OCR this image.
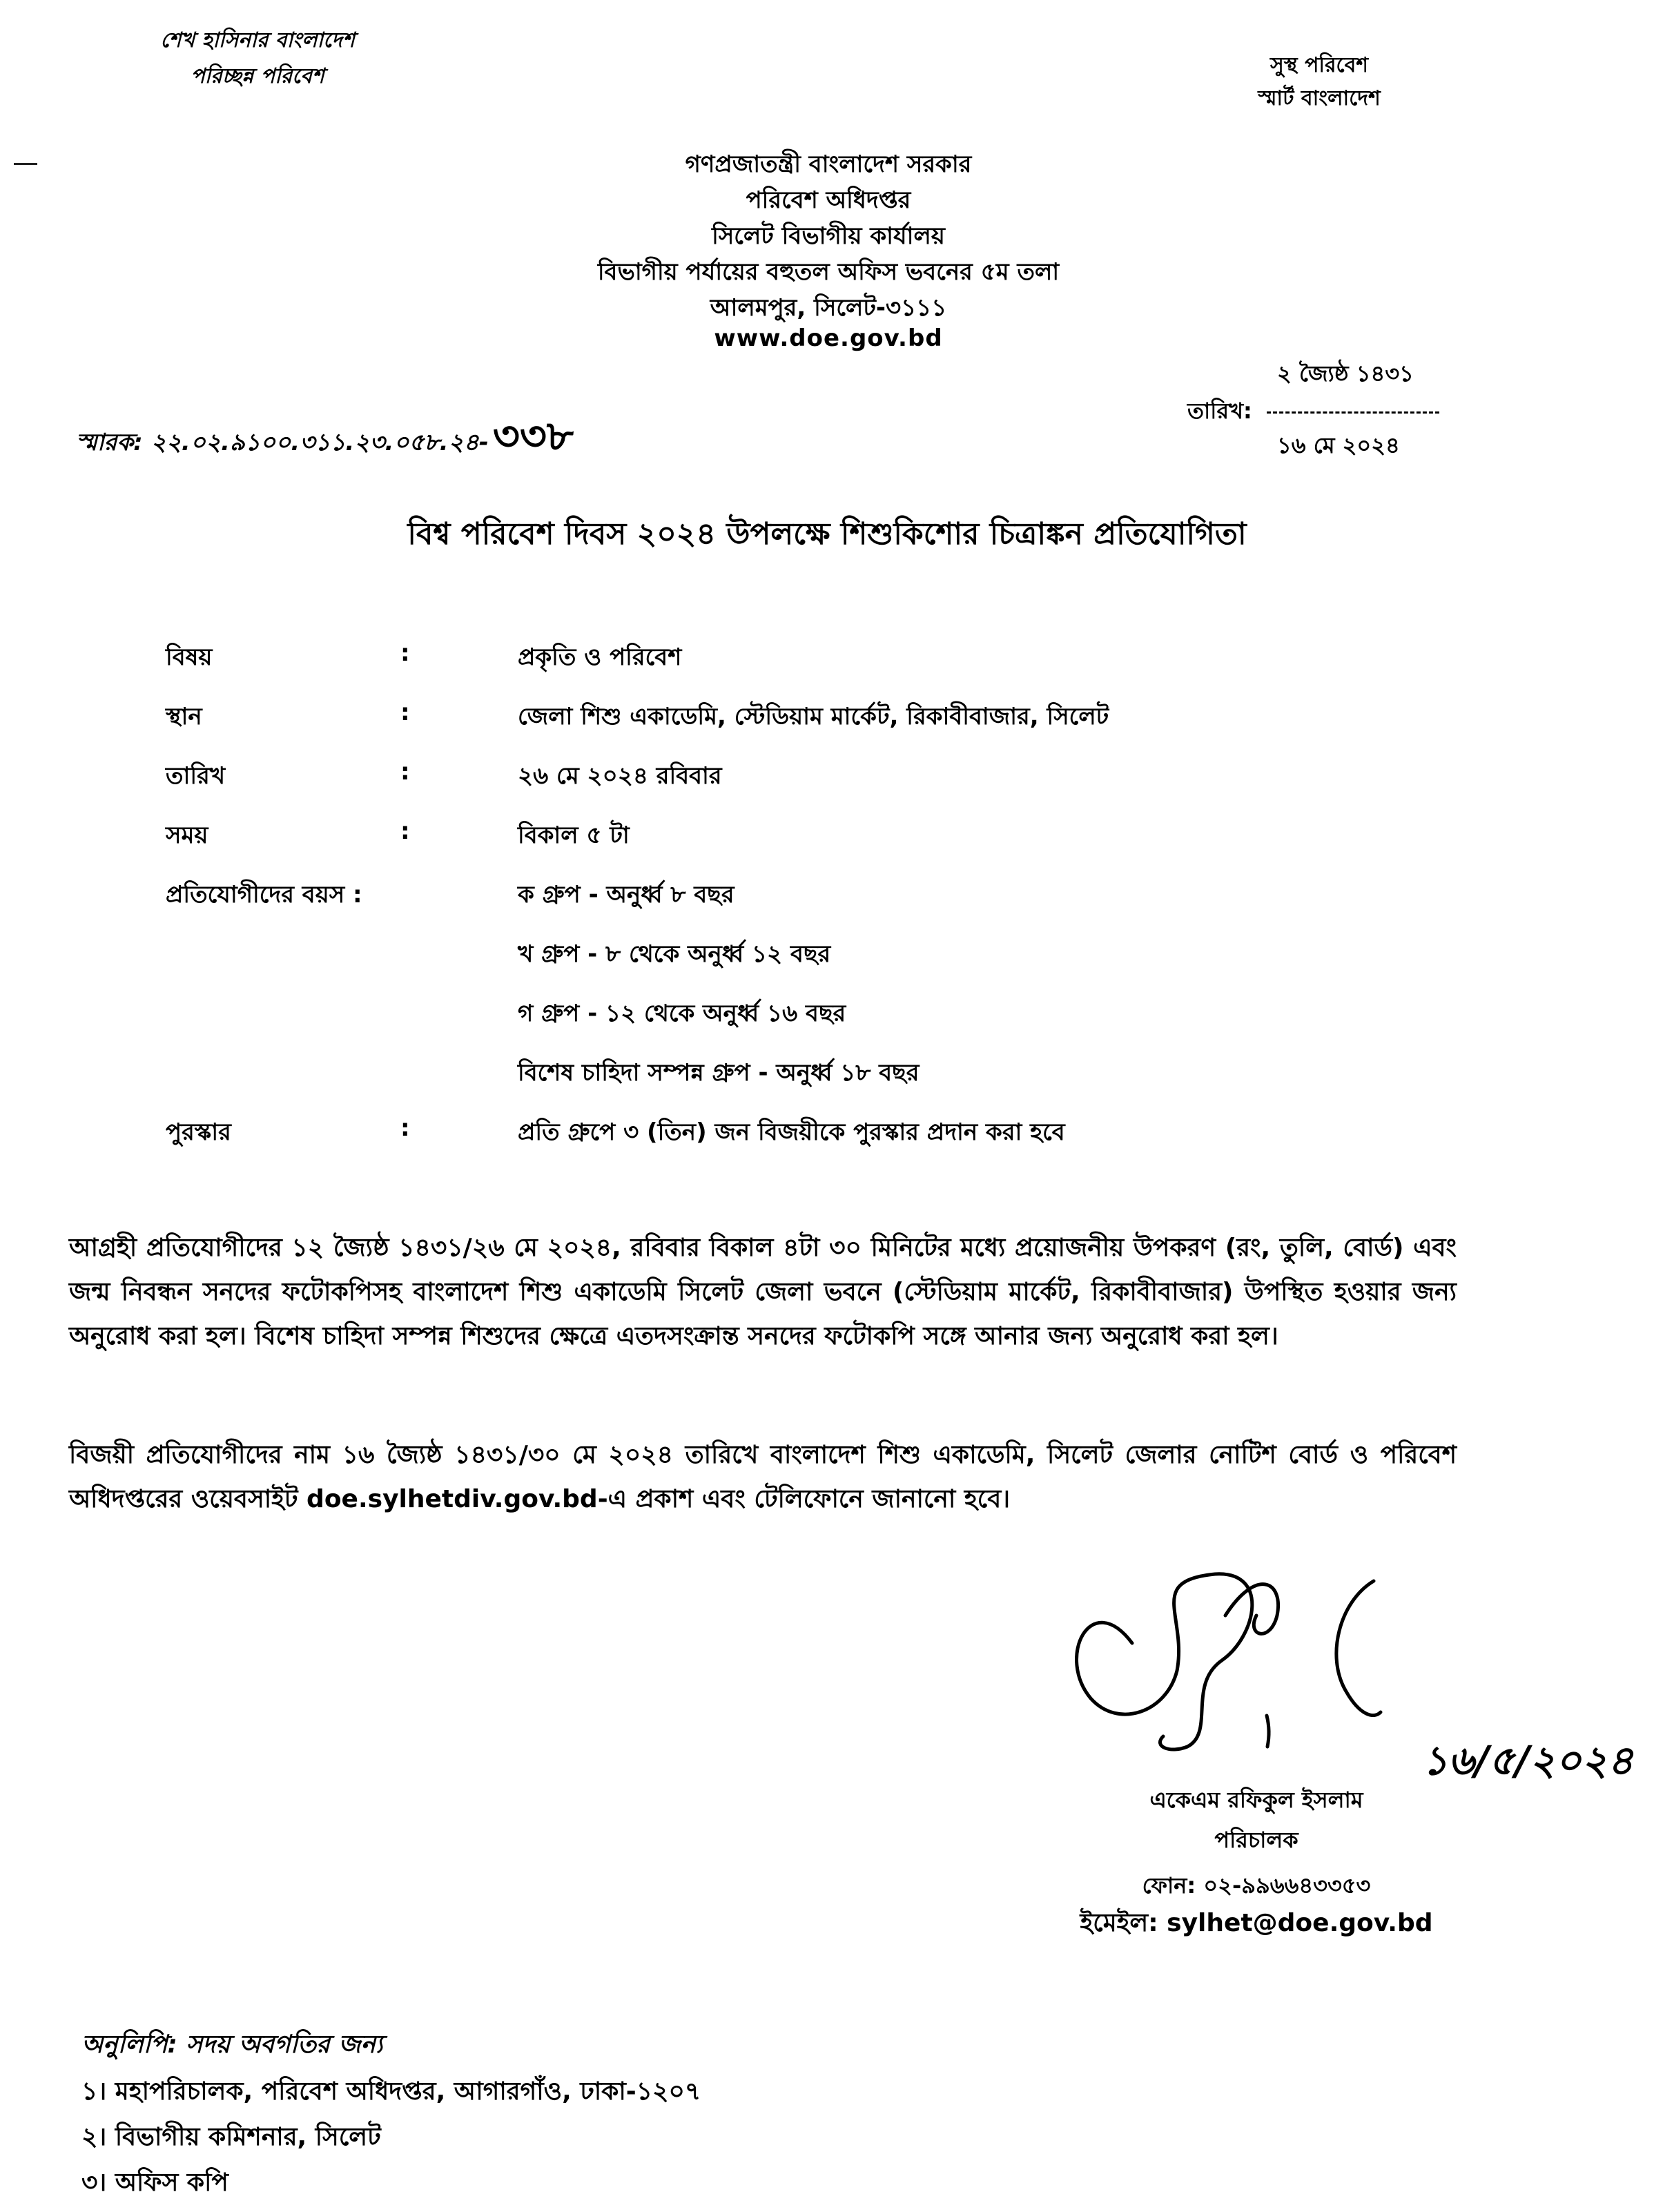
শেখ হাসিনার বাংলাদেশ
পরিচ্ছন্ন পরিবেশ	সুস্থ পরিবেশ
স্মার্ট বাংলাদেশ
গণপ্রজাতন্ত্রী বাংলাদেশ সরকার
পরিবেশ অধিদপ্তর
সিলেট বিভাগীয় কার্যালয়
বিভাগীয় পর্যায়ের বহুতল অফিস ভবনের ৫ম তলা
আলমপুর, সিলেট-৩১১১
www.doe.gov.bd
স্মারক: ২২.০২.৯১০০.৩১১.২৩.০৫৮.২৪- ৩৩৮
২ জ্যৈষ্ঠ ১৪৩১
তারিখ:
১৬ মে ২০২৪
বিশ্ব পরিবেশ দিবস ২০২৪ উপলক্ষে শিশুকিশোর চিত্রাঙ্কন প্রতিযোগিতা
বিষয়	:	প্রকৃতি ও পরিবেশ
স্থান	:	জেলা শিশু একাডেমি, স্টেডিয়াম মার্কেট, রিকাবীবাজার, সিলেট
তারিখ	:	২৬ মে ২০২৪ রবিবার
সময়	:	বিকাল ৫ টা
প্রতিযোগীদের বয়স :	ক গ্রুপ - অনুর্ধ্ব ৮ বছর
খ গ্রুপ - ৮ থেকে অনুর্ধ্ব ১২ বছর
গ গ্রুপ - ১২ থেকে অনুর্ধ্ব ১৬ বছর
বিশেষ চাহিদা সম্পন্ন গ্রুপ - অনুর্ধ্ব ১৮ বছর
পুরস্কার	:	প্রতি গ্রুপে ৩ (তিন) জন বিজয়ীকে পুরস্কার প্রদান করা হবে
আগ্রহী প্রতিযোগীদের ১২ জ্যৈষ্ঠ ১৪৩১/২৬ মে ২০২৪, রবিবার বিকাল ৪টা ৩০ মিনিটের মধ্যে প্রয়োজনীয় উপকরণ (রং, তুলি, বোর্ড) এবং জন্ম নিবন্ধন সনদের ফটোকপিসহ বাংলাদেশ শিশু একাডেমি সিলেট জেলা ভবনে (স্টেডিয়াম মার্কেট, রিকাবীবাজার) উপস্থিত হওয়ার জন্য অনুরোধ করা হল। বিশেষ চাহিদা সম্পন্ন শিশুদের ক্ষেত্রে এতদসংক্রান্ত সনদের ফটোকপি সঙ্গে আনার জন্য অনুরোধ করা হল।
বিজয়ী প্রতিযোগীদের নাম ১৬ জ্যৈষ্ঠ ১৪৩১/৩০ মে ২০২৪ তারিখে বাংলাদেশ শিশু একাডেমি, সিলেট জেলার নোটিশ বোর্ড ও পরিবেশ অধিদপ্তরের ওয়েবসাইট doe.sylhetdiv.gov.bd-এ প্রকাশ এবং টেলিফোনে জানানো হবে।
১৬/৫/২০২৪
একেএম রফিকুল ইসলাম
পরিচালক
ফোন: ০২-৯৯৬৬৪৩৩৫৩
ইমেইল: sylhet@doe.gov.bd
অনুলিপি: সদয় অবগতির জন্য
১। মহাপরিচালক, পরিবেশ অধিদপ্তর, আগারগাঁও, ঢাকা-১২০৭
২। বিভাগীয় কমিশনার, সিলেট
৩। অফিস কপি
